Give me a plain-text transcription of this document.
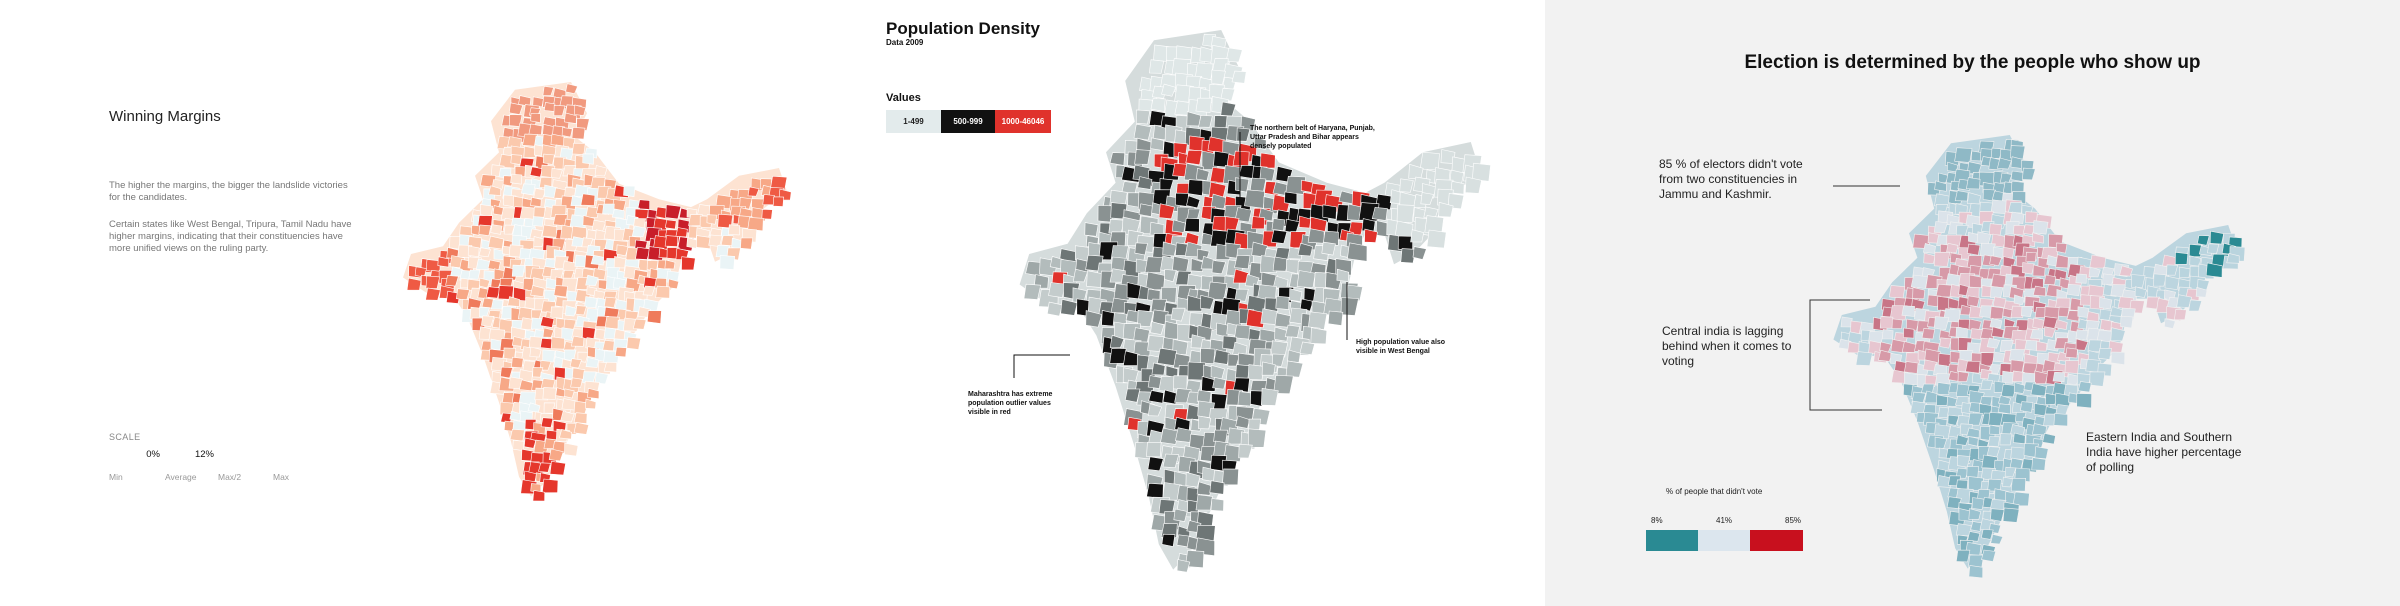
Winning Margins
The higher the margins, the bigger the landslide victories for the candidates.
Certain states like West Bengal, Tripura, Tamil Nadu have higher margins, indicating that their constituencies have more unified views on the ruling party.
SCALE
0%	12%	31%	61%
Min	Average	Max/2	Max
Population Density
Data 2009
Values
1-499	500-999	1000-46046
The northern belt of Haryana, Punjab, Uttar Pradesh and Bihar appears densely populated
High population value also visible in West Bengal
Maharashtra has extreme population outlier values visible in red
Election is determined by the people who show up
85 % of electors didn't vote from two constituencies in Jammu and Kashmir.
Central india is lagging behind when it comes to voting
Eastern India and Southern India have higher percentage of polling
% of people that didn't vote
8%	41%	85%
